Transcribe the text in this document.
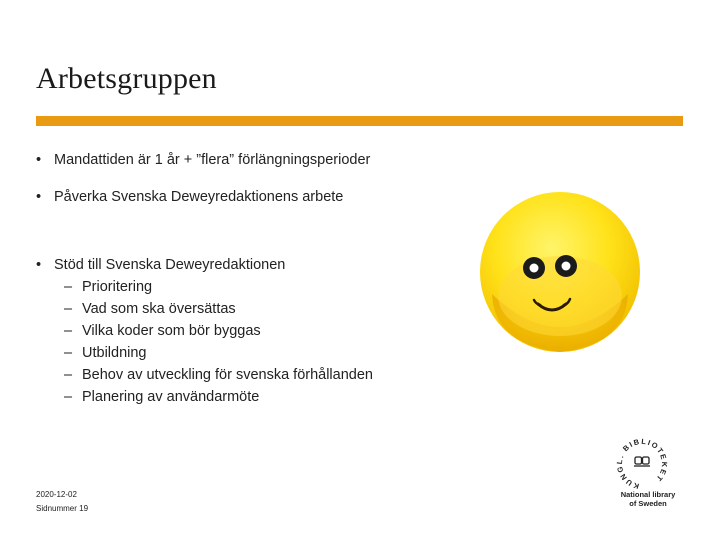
Arbetsgruppen
• Mandattiden är 1 år + ”flera” förlängningsperioder
• Påverka Svenska Deweyredaktionens arbete
• Stöd till Svenska Deweyredaktionen
– Prioritering
– Vad som ska översättas
– Vilka koder som bör byggas
– Utbildning
– Behov av utveckling för svenska förhållanden
– Planering av användarmöte
KUNGL. BIBLIOTEKET
National library
of Sweden
2020-12-02
Sidnummer 19
